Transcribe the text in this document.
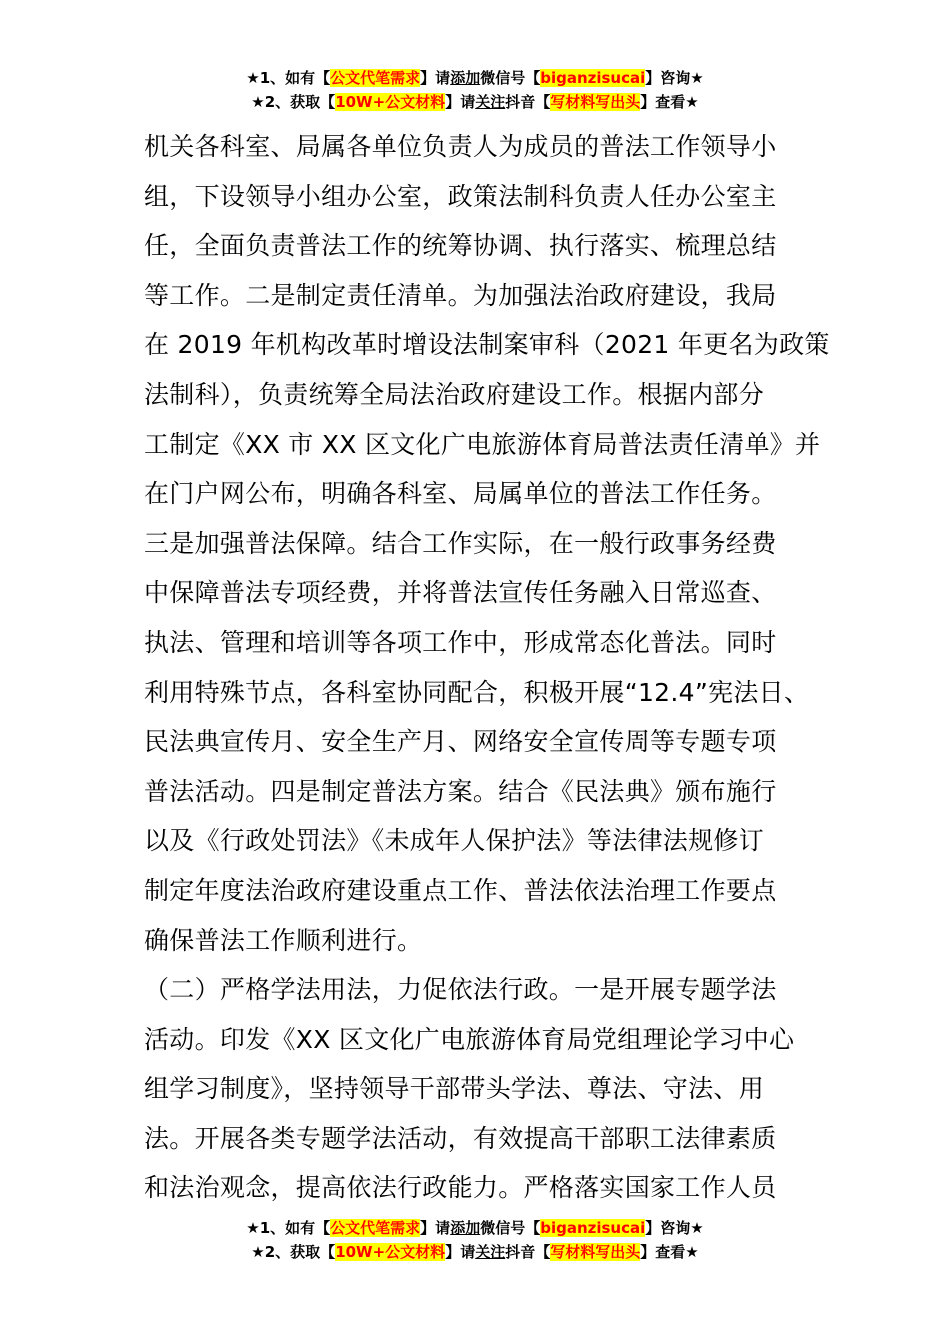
★1、如有【公文代笔需求】请添加微信号【biganzisucai】咨询★
★2、获取【10W+公文材料】请关注抖音【写材料写出头】查看★
机关各科室、局属各单位负责人为成员的普法工作领导小
组，下设领导小组办公室，政策法制科负责人任办公室主
任，全面负责普法工作的统筹协调、执行落实、梳理总结
等工作。二是制定责任清单。为加强法治政府建设，我局
在 2019 年机构改革时增设法制案审科（2021 年更名为政策
法制科），负责统筹全局法治政府建设工作。根据内部分
工制定《XX 市 XX 区文化广电旅游体育局普法责任清单》并
在门户网公布，明确各科室、局属单位的普法工作任务。
三是加强普法保障。结合工作实际，在一般行政事务经费
中保障普法专项经费，并将普法宣传任务融入日常巡查、
执法、管理和培训等各项工作中，形成常态化普法。同时
利用特殊节点，各科室协同配合，积极开展“12.4”宪法日、
民法典宣传月、安全生产月、网络安全宣传周等专题专项
普法活动。四是制定普法方案。结合《民法典》颁布施行
以及《行政处罚法》《未成年人保护法》等法律法规修订
制定年度法治政府建设重点工作、普法依法治理工作要点
确保普法工作顺利进行。
（二）严格学法用法，力促依法行政。一是开展专题学法
活动。印发《XX 区文化广电旅游体育局党组理论学习中心
组学习制度》，坚持领导干部带头学法、尊法、守法、用
法。开展各类专题学法活动，有效提高干部职工法律素质
和法治观念，提高依法行政能力。严格落实国家工作人员
★1、如有【公文代笔需求】请添加微信号【biganzisucai】咨询★
★2、获取【10W+公文材料】请关注抖音【写材料写出头】查看★
